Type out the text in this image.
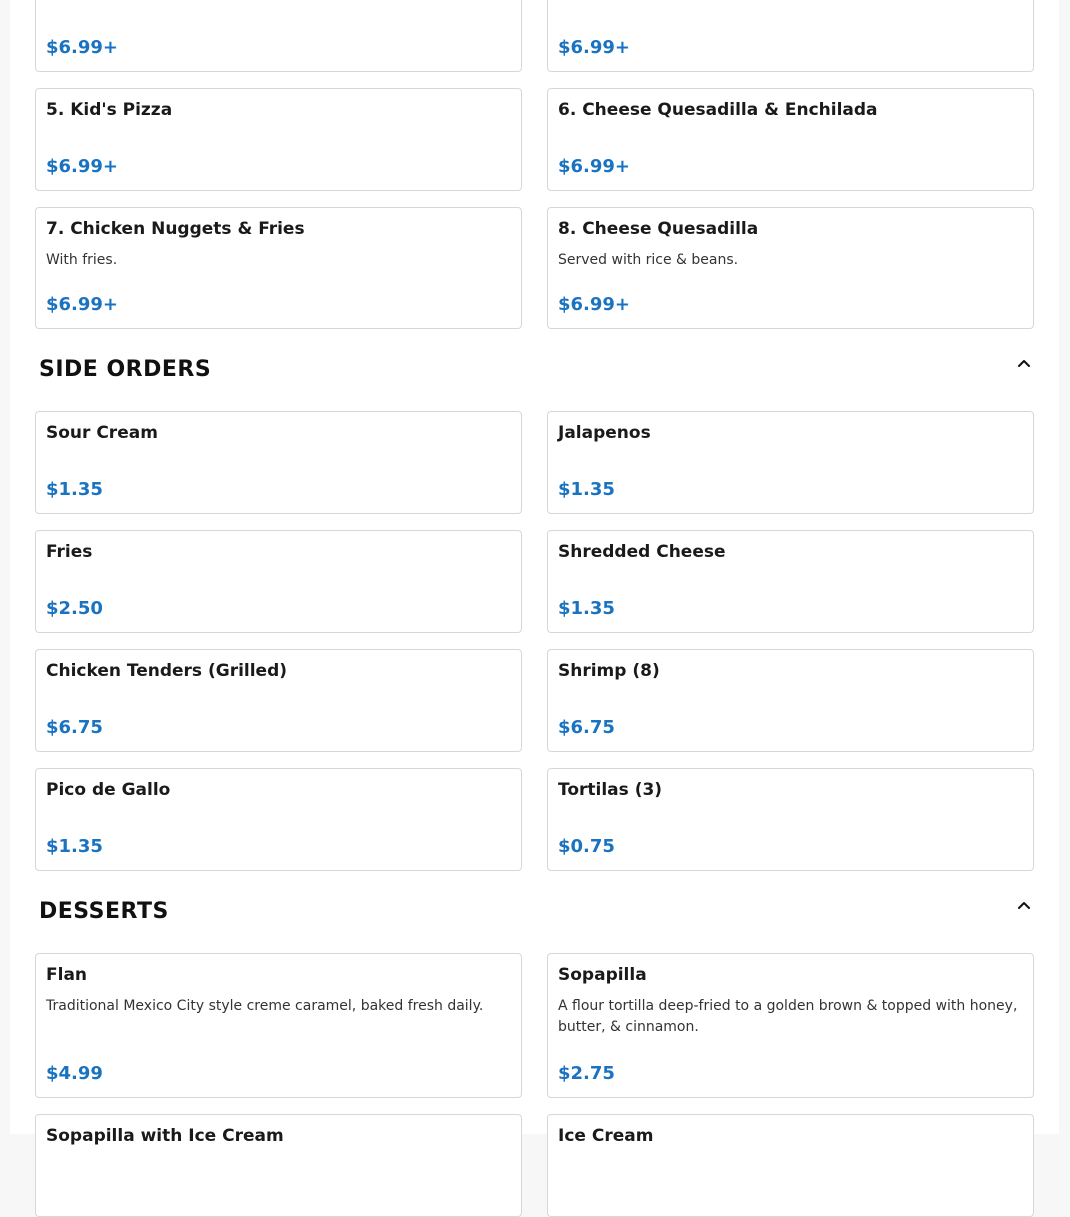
$6.99+	$6.99+
5. Kid's Pizza
$6.99+
6. Cheese Quesadilla & Enchilada
$6.99+
7. Chicken Nuggets & Fries
With fries.
$6.99+
8. Cheese Quesadilla
Served with rice & beans.
$6.99+
SIDE ORDERS
Sour Cream
$1.35
Jalapenos
$1.35
Fries
$2.50
Shredded Cheese
$1.35
Chicken Tenders (Grilled)
$6.75
Shrimp (8)
$6.75
Pico de Gallo
$1.35
Tortilas (3)
$0.75
DESSERTS
Flan
Traditional Mexico City style creme caramel, baked fresh daily.
$4.99
Sopapilla
A flour tortilla deep-fried to a golden brown & topped with honey, butter, & cinnamon.
$2.75
Sopapilla with Ice Cream	Ice Cream
